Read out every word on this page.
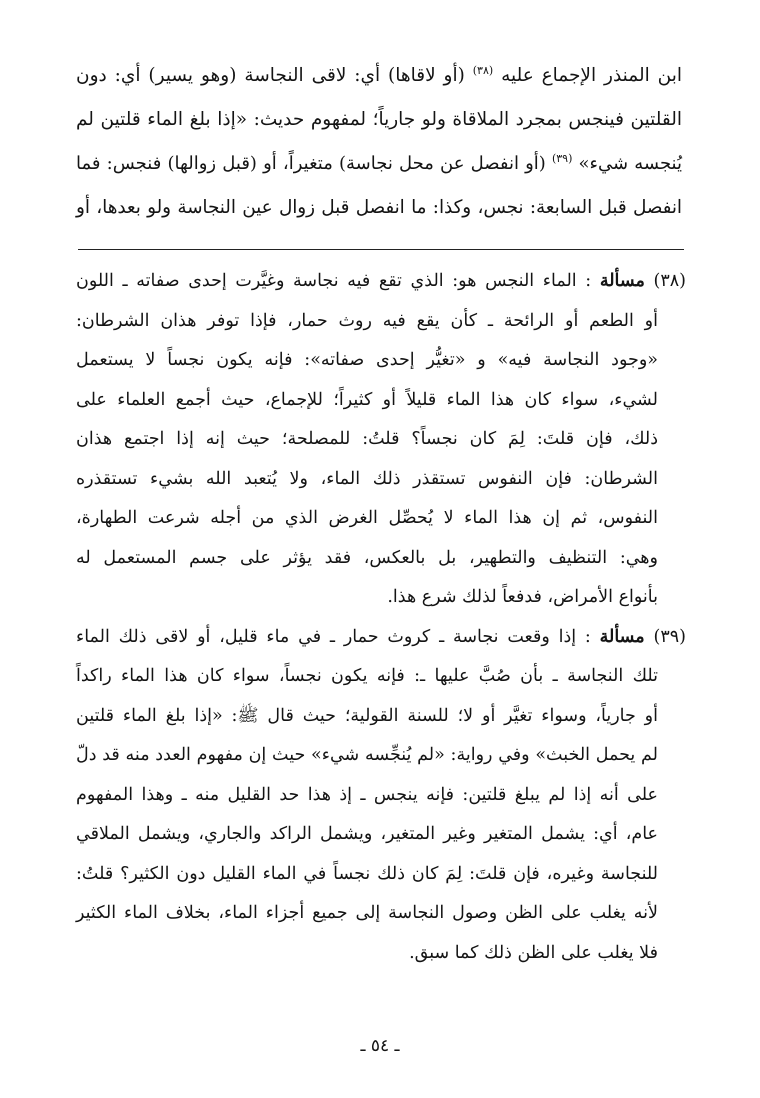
ابن المنذر الإجماع عليه $^{(٣٨)}$ (أو لاقاها) أي: لاقى النجاسة (وهو يسير) أي: دون
القلتين فينجس بمجرد الملاقاة ولو جارياً؛ لمفهوم حديث: «إذا بلغ الماء قلتين لم
يُنجسه شيء» $^{(٣٩)}$ (أو انفصل عن محل نجاسة) متغيراً، أو (قبل زوالها) فنجس: فما
انفصل قبل السابعة: نجس، وكذا: ما انفصل قبل زوال عين النجاسة ولو بعدها، أو
(٣٨) مسألة : الماء النجس هو: الذي تقع فيه نجاسة وغيَّرت إحدى صفاته ـ اللون
أو الطعم أو الرائحة ـ كأن يقع فيه روث حمار، فإذا توفر هذان الشرطان:
«وجود النجاسة فيه» و «تغيُّر إحدى صفاته»: فإنه يكون نجساً لا يستعمل
لشيء، سواء كان هذا الماء قليلاً أو كثيراً؛ للإجماع، حيث أجمع العلماء على
ذلك، فإن قلتَ: لِمَ كان نجساً؟ قلتُ: للمصلحة؛ حيث إنه إذا اجتمع هذان
الشرطان: فإن النفوس تستقذر ذلك الماء، ولا يُتعبد الله بشيء تستقذره
النفوس، ثم إن هذا الماء لا يُحصِّل الغرض الذي من أجله شرعت الطهارة،
وهي: التنظيف والتطهير، بل بالعكس، فقد يؤثر على جسم المستعمل له
بأنواع الأمراض، فدفعاً لذلك شرع هذا.
(٣٩) مسألة : إذا وقعت نجاسة ـ كروث حمار ـ في ماء قليل، أو لاقى ذلك الماء
تلك النجاسة ـ بأن صُبَّ عليها ـ: فإنه يكون نجساً، سواء كان هذا الماء راكداً
أو جارياً، وسواء تغيَّر أو لا؛ للسنة القولية؛ حيث قال ﷺ: «إذا بلغ الماء قلتين
لم يحمل الخبث» وفي رواية: «لم يُنجِّسه شيء» حيث إن مفهوم العدد منه قد دلّ
على أنه إذا لم يبلغ قلتين: فإنه ينجس ـ إذ هذا حد القليل منه ـ وهذا المفهوم
عام، أي: يشمل المتغير وغير المتغير، ويشمل الراكد والجاري، ويشمل الملاقي
للنجاسة وغيره، فإن قلتَ: لِمَ كان ذلك نجساً في الماء القليل دون الكثير؟ قلتُ:
لأنه يغلب على الظن وصول النجاسة إلى جميع أجزاء الماء، بخلاف الماء الكثير
فلا يغلب على الظن ذلك كما سبق.
ـ ٥٤ ـ
